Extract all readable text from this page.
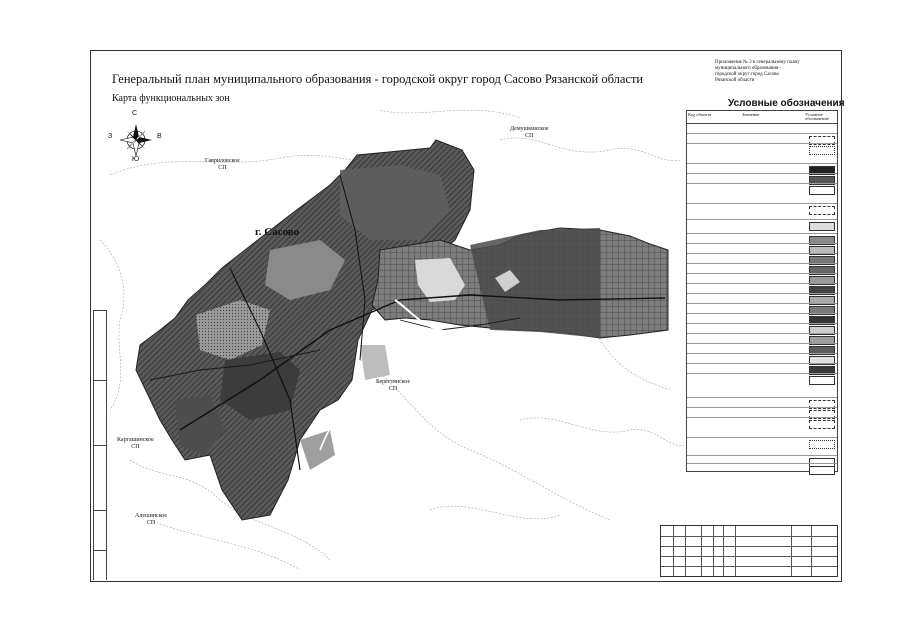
Генеральный план муниципального образования - городской округ город Сасово Рязанской области
Карта функциональных зон
Приложение № 3 к генеральному плану
муниципального образования -
городской округ город Сасово
Рязанской области
С
Ю
З	В
г. Сасово
Гавриловское
СП
Демушкинское
СП
Берестянское
СП
Каргашинское
СП
Алешинское
СП
Условные обозначения
Код объекта	Значение	Условное обозначение
